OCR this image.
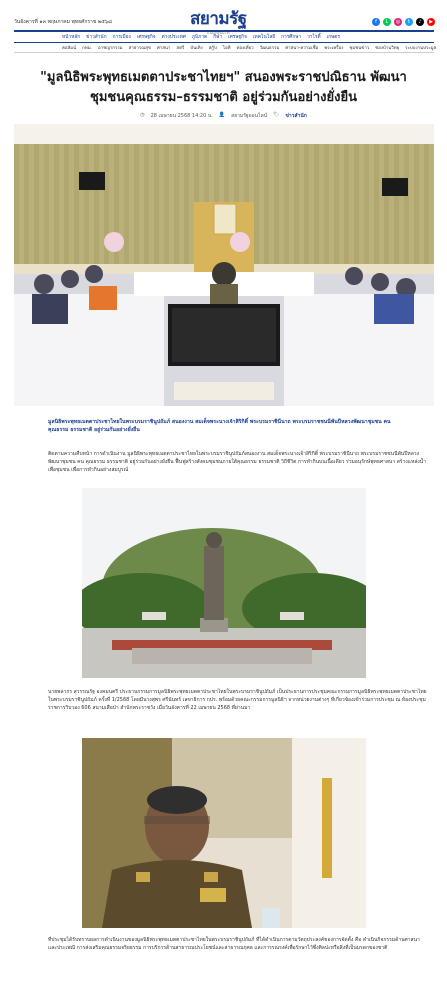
วันอังคารที่ ๑๓ พฤษภาคม พุทธศักราช ๒๕๖๘	สยามรัฐ
SIAMRATH
f	L	◎	t	♪	▶
หน้าหลัก ข่าวสำนัก การเมือง เศรษฐกิจ ต่างประเทศ ภูมิภาค กีฬา เศรษฐกิจ เทคโนโลยี การศึกษา วาไรตี้ เกษตร
คอลัมน์ กทม. อาชญากรรม สาธารณสุข ศาสนา สตรี บันเทิง สกู๊ป ไอที ท่องเที่ยว วัฒนธรรม ศาสนา-ความเชื่อ พระเครื่อง ชุมชนข่าว ซองบ้านวิทยุ ระบบงานประมูล
"มูลนิธิพระพุทธเมตตาประชาไทยฯ" สนองพระราชปณิธาน พัฒนาชุมชนคุณธรรม–ธรรมชาติ อยู่ร่วมกันอย่างยั่งยืน
◷ 28 เมษายน 2568 14:20 น. 👤 สยามรัฐออนไลน์ 🏷 ข่าวสำนัก
มูลนิธิพระพุทธเมตตาประชาไทยในพระบรมราชินูปถัมภ์ สนองงาน สมเด็จพระนางเจ้าสิริกิติ์ พระบรมราชินีนาถ พระบรมราชชนนีพันปีหลวงพัฒนาชุมชน คน คุณธรรม ธรรมชาติ อยู่ร่วมกันอย่างยั่งยืน

ติดตามความคืบหน้า การดำเนินงาน มูลนิธิพระพุทธเมตตาประชาไทยในพระบรมราชินูปถัมภ์สนองงาน สมเด็จพระนางเจ้าสิริกิติ์ พระบรมราชินีนาถ พระบรมราชชนนีพันปีหลวง พัฒนาชุมชน คน คุณธรรม ธรรมชาติ อยู่ร่วมกันอย่างยั่งยืน ฟื้นฟูสร้างสังคมชุมชนภายใต้คุณธรรม ธรรมชาติ วิถีชีวิต การทำกินบนเนื้อเดียว ร่วมอนุรักษ์พุทธศาสนา สร้างแหล่งน้ำเพื่อชุมชน เพื่อการทำกินอย่างสมบูรณ์

นายพลากร สุวรรณรัฐ องคมนตรี ประธานกรรมการมูลนิธิพระพุทธเมตตาประชาไทยในพระบรมราชินูปถัมภ์ เป็นประธานการประชุมคณะกรรมการมูลนิธิพระพุทธเมตตาประชาไทยในพระบรมราชินูปถัมภ์ ครั้งที่ 1/2568 โดยมีนางสุพร ศรีนันทร์ เลขาธิการ กปร. พร้อมด้วยคณะกรรมการมูลนิธิฯ จากหน่วยงานต่างๆ ที่เกี่ยวข้องเข้าร่วมการประชุม ณ ห้องประชุมราชการวิบวอง 606 สนามเสือป่า สำนักพระราชวัง เมื่อวันอังคารที่ 22 เมษายน 2568 ที่ผ่านมา

ที่ประชุมได้รับทราบผลการดำเนินงานของมูลนิธิพระพุทธเมตตาประชาไทยในพระบรมราชินูปถัมภ์ ที่ได้ดำเนินการตามวัตถุประสงค์ของการจัดตั้ง คือ ดำเนินกิจกรรมด้านศาสนาและประเพณี การส่งเสริมคุณธรรมจริยธรรม การบริการด้านสาธารณประโยชน์และสาธารณกุศล และการรณรงค์เพื่อรักษาไว้ซึ่งศิลปะหรือสิ่งที่เป็นมรดกของชาติ
